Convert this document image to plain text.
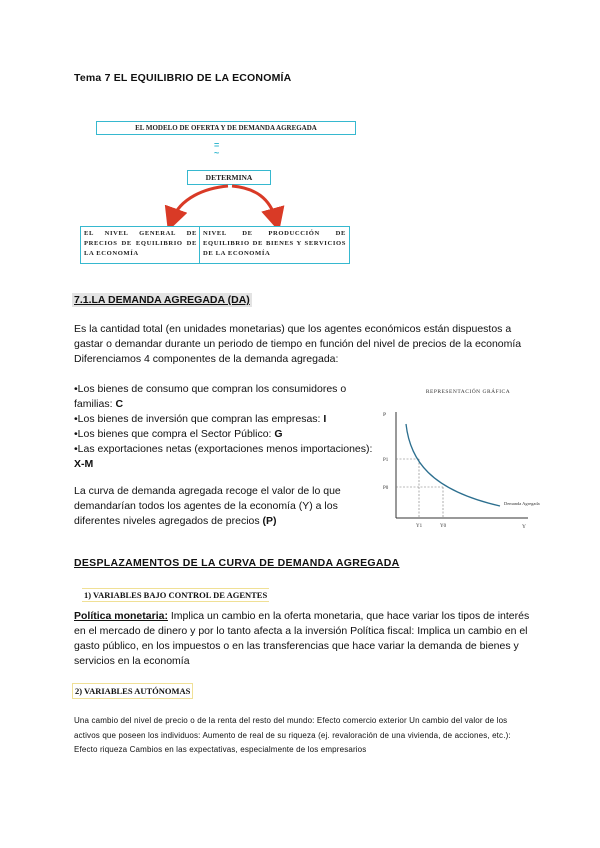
Tema 7 EL EQUILIBRIO DE LA ECONOMÍA
EL MODELO DE OFERTA Y DE DEMANDA AGREGADA
=
~
DETERMINA
EL NIVEL GENERAL DE PRECIOS DE EQUILIBRIO DE LA ECONOMÍA
NIVEL DE PRODUCCIÓN DE EQUILIBRIO DE BIENES Y SERVICIOS DE LA ECONOMÍA
7.1.LA DEMANDA AGREGADA (DA)
Es la cantidad total (en unidades monetarias) que los agentes económicos están dispuestos a gastar o demandar durante un periodo de tiempo en función del nivel de precios de la economía Diferenciamos 4 componentes de la demanda agregada:

•Los bienes de consumo que compran los consumidores o familias: C

•Los bienes de inversión que compran las empresas: I

•Los bienes que compra el Sector Público: G

•Las exportaciones netas (exportaciones menos importaciones): X-M

La curva de demanda agregada recoge el valor de lo que demandarían todos los agentes de la economía (Y) a los diferentes niveles agregados de precios (P)
REPRESENTACIÓN GRÁFICA
P
Y
P1
P0
Y1	Y0
Demanda Agregada
DESPLAZAMENTOS DE LA CURVA DE DEMANDA AGREGADA
1) VARIABLES BAJO CONTROL DE AGENTES
Política monetaria: Implica un cambio en la oferta monetaria, que hace variar los tipos de interés en el mercado de dinero y por lo tanto afecta a la inversión Política fiscal: Implica un cambio en el gasto público, en los impuestos o en las transferencias que hace variar la demanda de bienes y servicios en la economía
2) VARIABLES AUTÓNOMAS
Una cambio del nivel de precio o de la renta del resto del mundo: Efecto comercio exterior Un cambio del valor de los activos que poseen los individuos: Aumento de real de su riqueza (ej. revaloración de una vivienda, de acciones, etc.): Efecto riqueza Cambios en las expectativas, especialmente de los empresarios
